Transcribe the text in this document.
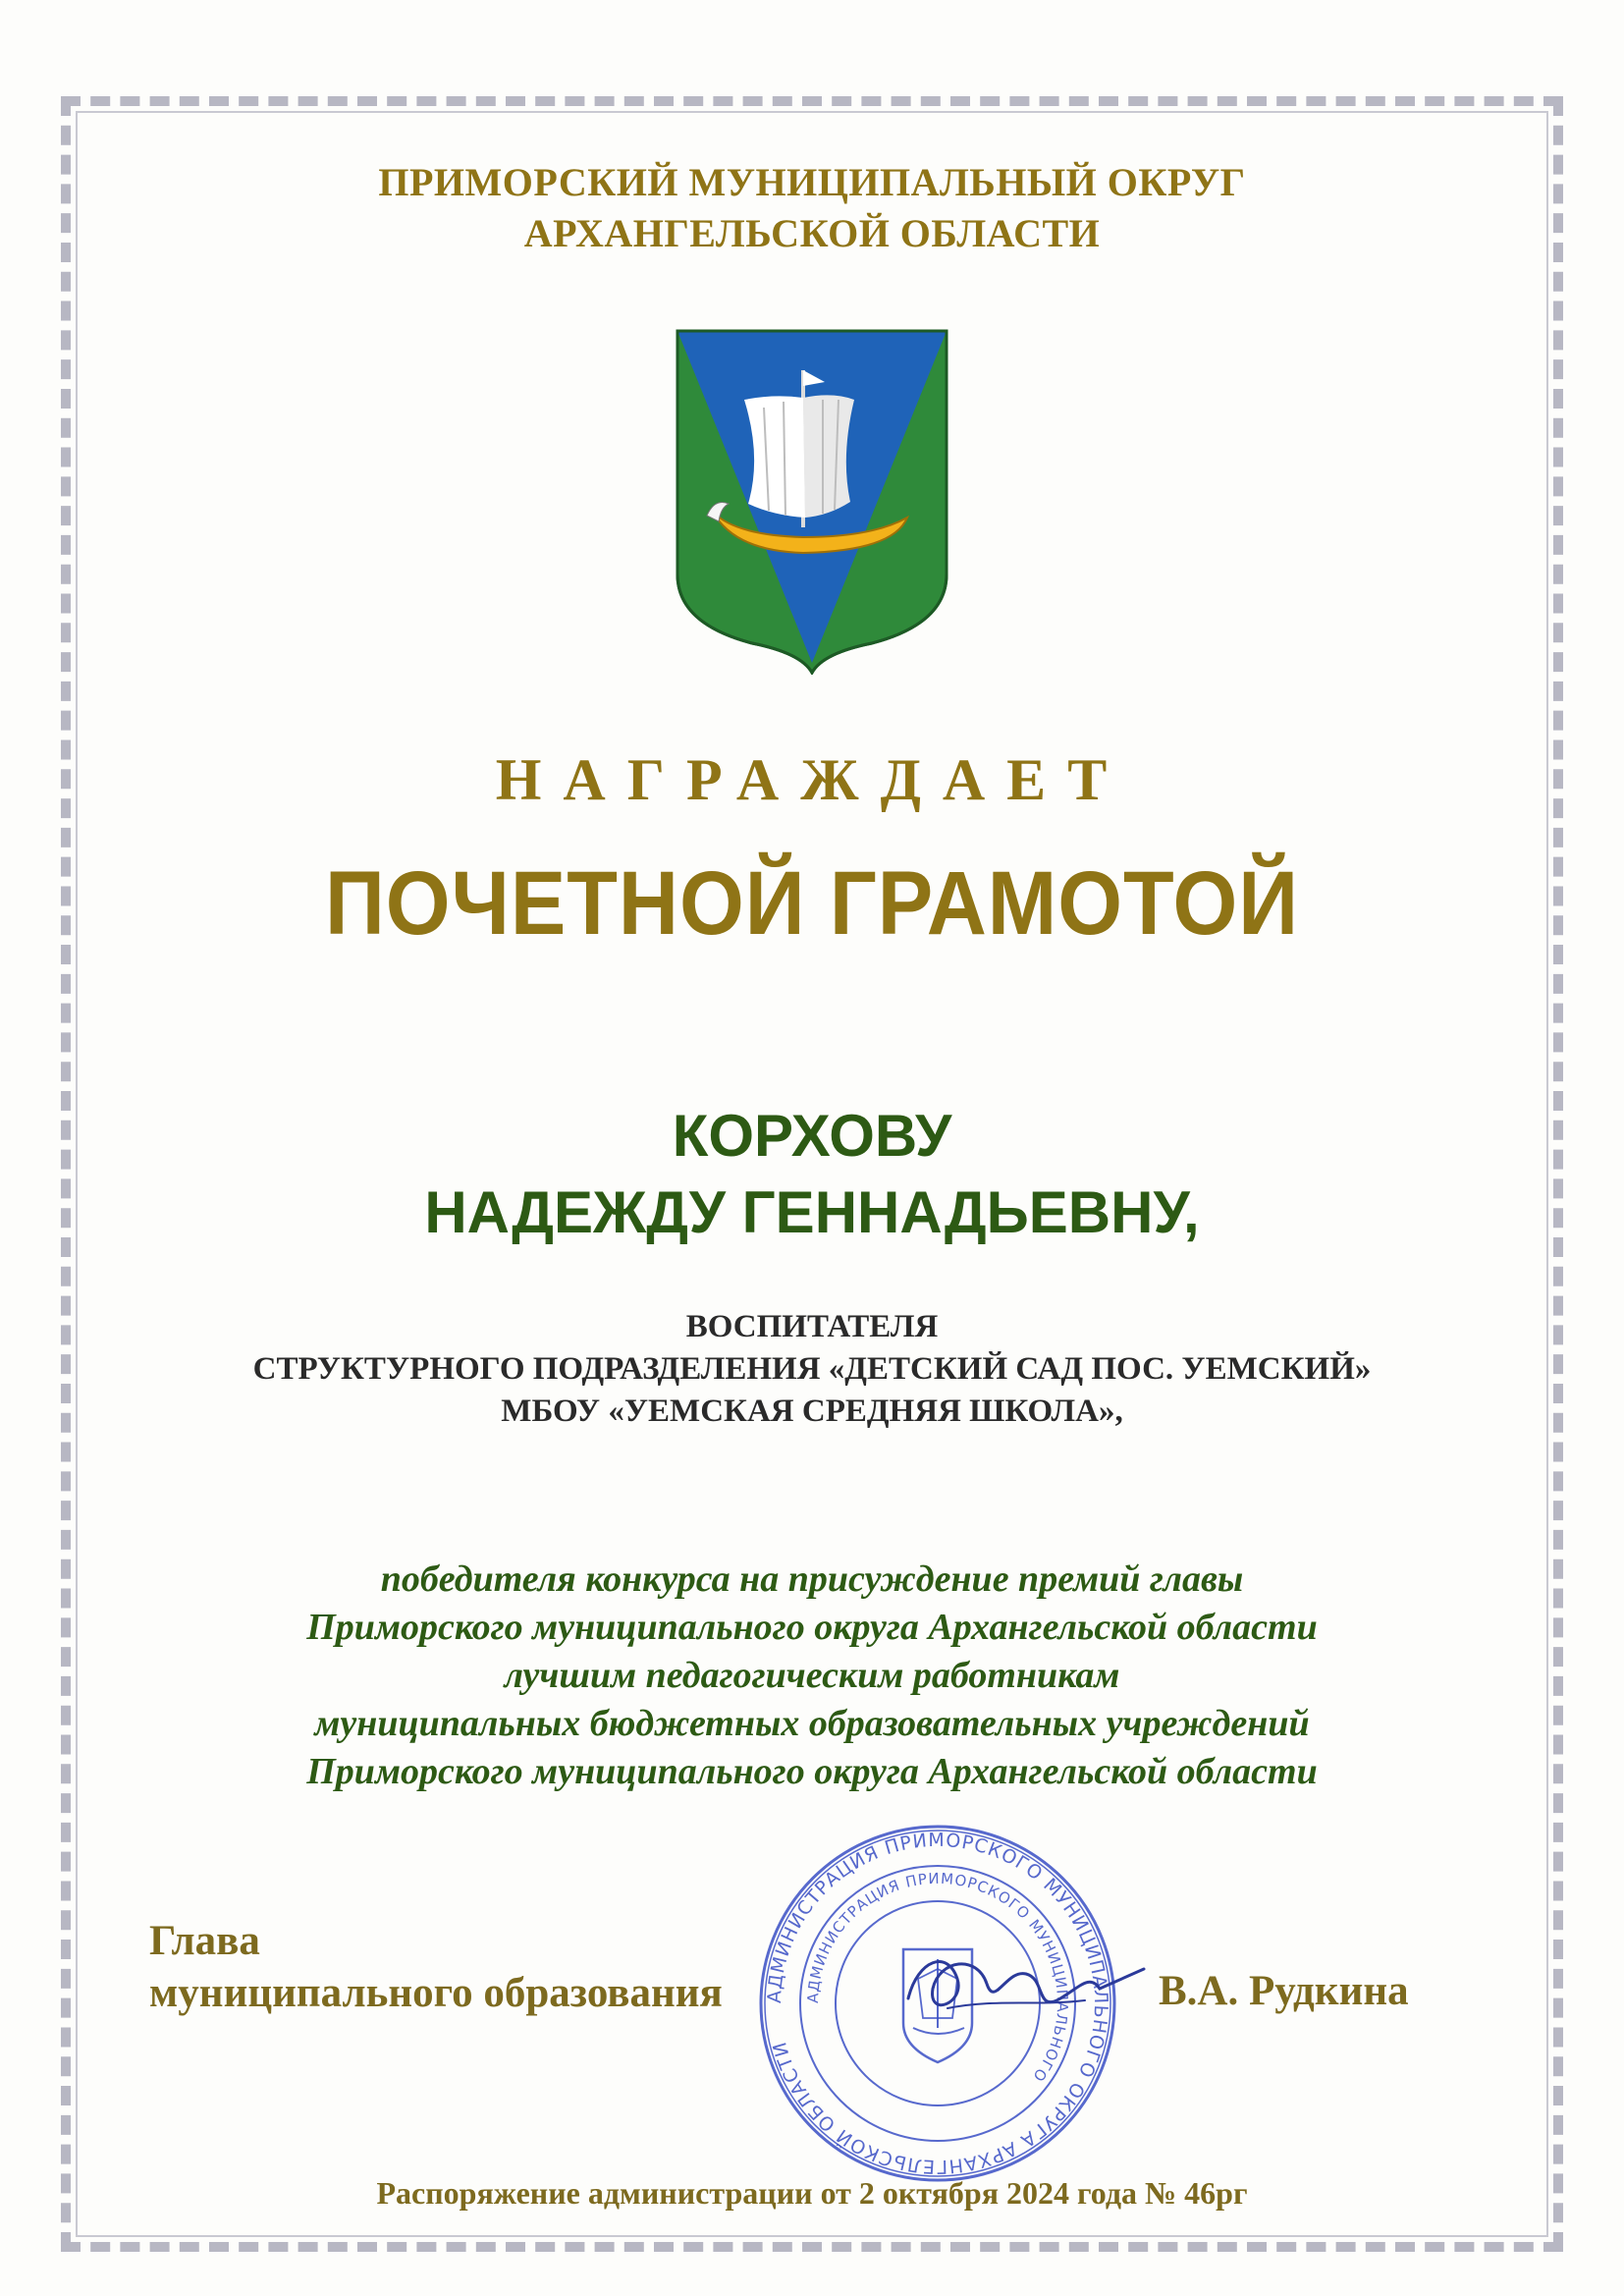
ПРИМОРСКИЙ МУНИЦИПАЛЬНЫЙ ОКРУГ
АРХАНГЕЛЬСКОЙ ОБЛАСТИ
НАГРАЖДАЕТ
ПОЧЕТНОЙ ГРАМОТОЙ
КОРХОВУ
НАДЕЖДУ ГЕННАДЬЕВНУ,
ВОСПИТАТЕЛЯ
СТРУКТУРНОГО ПОДРАЗДЕЛЕНИЯ «ДЕТСКИЙ САД ПОС. УЕМСКИЙ»
МБОУ «УЕМСКАЯ СРЕДНЯЯ ШКОЛА»,
победителя конкурса на присуждение премий главы
Приморского муниципального округа Архангельской области
лучшим педагогическим работникам
муниципальных бюджетных образовательных учреждений
Приморского муниципального округа Архангельской области
АДМИНИСТРАЦИЯ ПРИМОРСКОГО МУНИЦИПАЛЬНОГО ОКРУГА АРХАНГЕЛЬСКОЙ ОБЛАСТИ
АДМИНИСТРАЦИЯ ПРИМОРСКОГО МУНИЦИПАЛЬНОГО
Глава
муниципального образования	В.А. Рудкина
Распоряжение администрации от 2 октября 2024 года № 46рг
